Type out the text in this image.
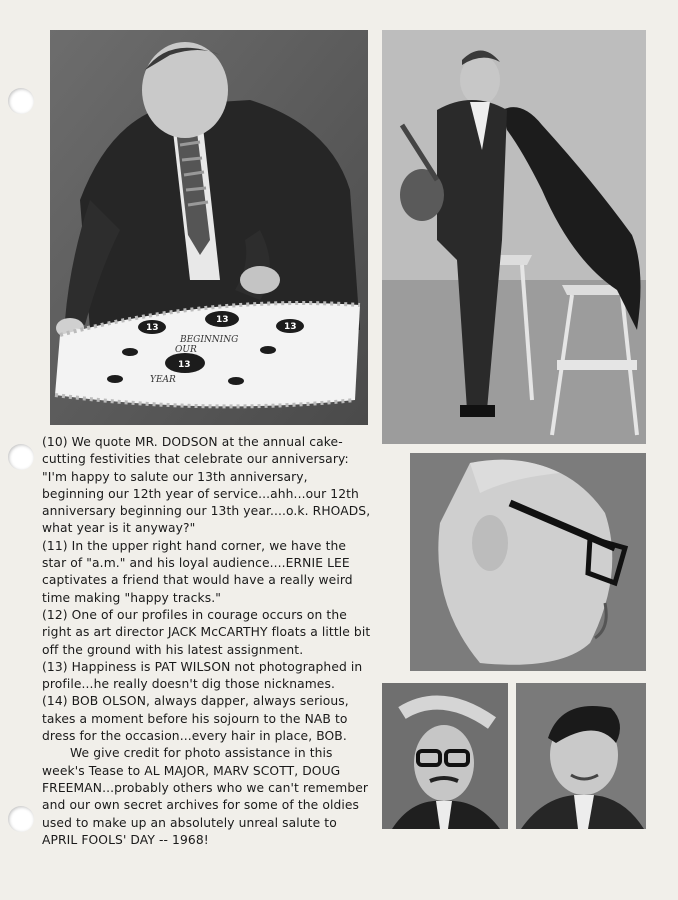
13
13
13
13
BEGINNING
OUR
YEAR

(10) We quote MR. DODSON at the annual cake-cutting festivities that celebrate our anniversary: "I'm happy to salute our 13th anniversary, beginning our 12th year of service...ahh...our 12th anniversary beginning our 13th year....o.k. RHOADS, what year is it anyway?"

(11) In the upper right hand corner, we have the star of "a.m." and his loyal audience....ERNIE LEE captivates a friend that would have a really weird time making "happy tracks."

(12) One of our profiles in courage occurs on the right as art director JACK McCARTHY floats a little bit off the ground with his latest assignment.

(13) Happiness is PAT WILSON not photographed in profile...he really doesn't dig those nicknames.

(14) BOB OLSON, always dapper, always serious, takes a moment before his sojourn to the NAB to dress for the occasion...every hair in place, BOB.

We give credit for photo assistance in this week's Tease to AL MAJOR, MARV SCOTT, DOUG FREEMAN...probably others who we can't remember and our own secret archives for some of the oldies used to make up an absolutely unreal salute to APRIL FOOLS' DAY -- 1968!
